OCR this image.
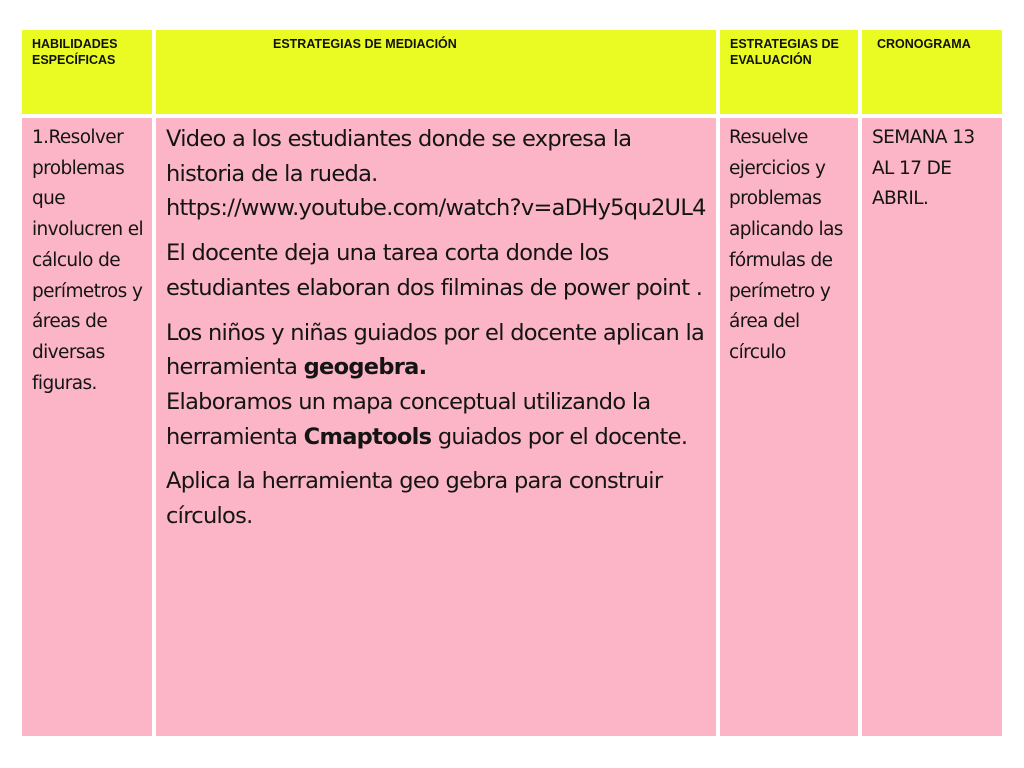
HABILIDADES ESPECÍFICAS
ESTRATEGIAS DE MEDIACIÓN	ESTRATEGIAS DE EVALUACIÓN
CRONOGRAMA
1.Resolver problemas que involucren el cálculo de perímetros y áreas de diversas figuras.

Video a los estudiantes donde se expresa la historia de la rueda.
https://www.youtube.com/watch?v=aDHy5qu2UL4

El docente deja una tarea corta donde los estudiantes elaboran dos filminas de power point .

Los niños y niñas guiados por el docente aplican la herramienta geogebra.
Elaboramos un mapa conceptual utilizando la herramienta Cmaptools guiados por el docente.

Aplica la herramienta geo gebra para construir círculos.

Resuelve ejercicios y problemas aplicando las fórmulas de perímetro y área del círculo
SEMANA 13 AL 17 DE ABRIL.
